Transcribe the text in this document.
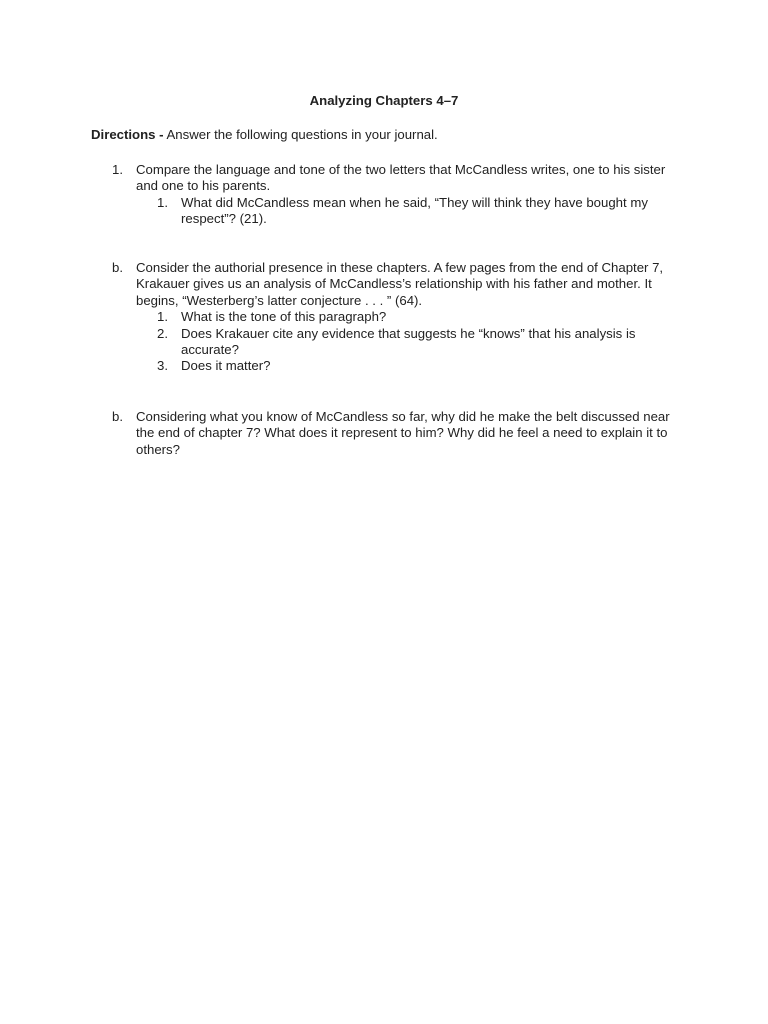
Analyzing Chapters 4–7
Directions - Answer the following questions in your journal.
1. Compare the language and tone of the two letters that McCandless writes, one to his sister and one to his parents.
1. What did McCandless mean when he said, “They will think they have bought my respect”? (21).
b. Consider the authorial presence in these chapters. A few pages from the end of Chapter 7, Krakauer gives us an analysis of McCandless’s relationship with his father and mother. It begins, “Westerberg’s latter conjecture . . . ” (64).
1. What is the tone of this paragraph?
2. Does Krakauer cite any evidence that suggests he “knows” that his analysis is accurate?
3. Does it matter?
b. Considering what you know of McCandless so far, why did he make the belt discussed near the end of chapter 7? What does it represent to him? Why did he feel a need to explain it to others?
